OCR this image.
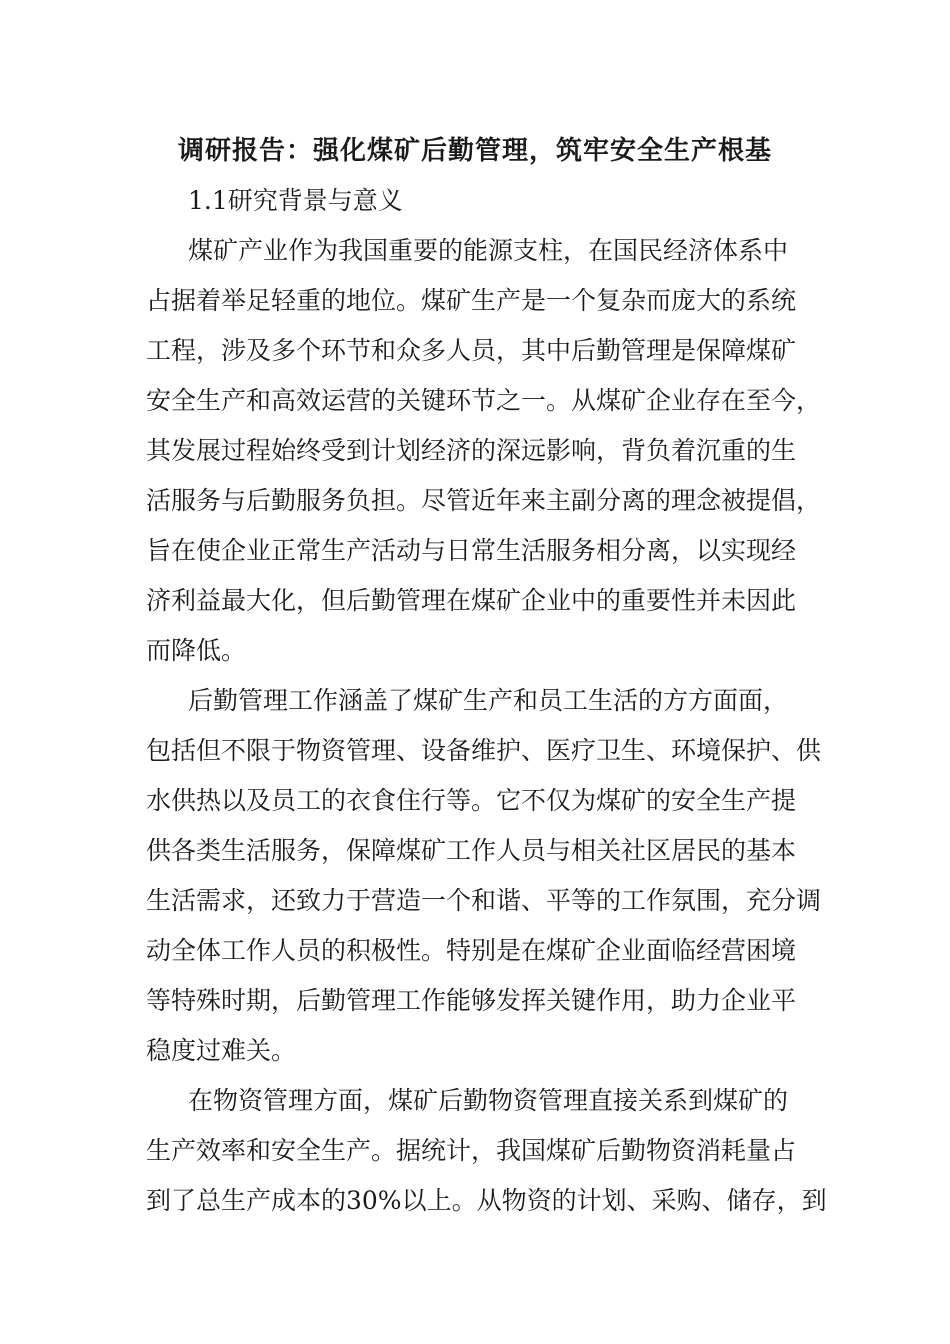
调研报告：强化煤矿后勤管理，筑牢安全生产根基
1.1研究背景与意义
煤矿产业作为我国重要的能源支柱，在国民经济体系中
占据着举足轻重的地位。煤矿生产是一个复杂而庞大的系统
工程，涉及多个环节和众多人员，其中后勤管理是保障煤矿
安全生产和高效运营的关键环节之一。从煤矿企业存在至今，
其发展过程始终受到计划经济的深远影响，背负着沉重的生
活服务与后勤服务负担。尽管近年来主副分离的理念被提倡，
旨在使企业正常生产活动与日常生活服务相分离，以实现经
济利益最大化，但后勤管理在煤矿企业中的重要性并未因此
而降低。
后勤管理工作涵盖了煤矿生产和员工生活的方方面面，
包括但不限于物资管理、设备维护、医疗卫生、环境保护、供
水供热以及员工的衣食住行等。它不仅为煤矿的安全生产提
供各类生活服务，保障煤矿工作人员与相关社区居民的基本
生活需求，还致力于营造一个和谐、平等的工作氛围，充分调
动全体工作人员的积极性。特别是在煤矿企业面临经营困境
等特殊时期，后勤管理工作能够发挥关键作用，助力企业平
稳度过难关。
在物资管理方面，煤矿后勤物资管理直接关系到煤矿的
生产效率和安全生产。据统计，我国煤矿后勤物资消耗量占
到了总生产成本的30%以上。从物资的计划、采购、储存，到
